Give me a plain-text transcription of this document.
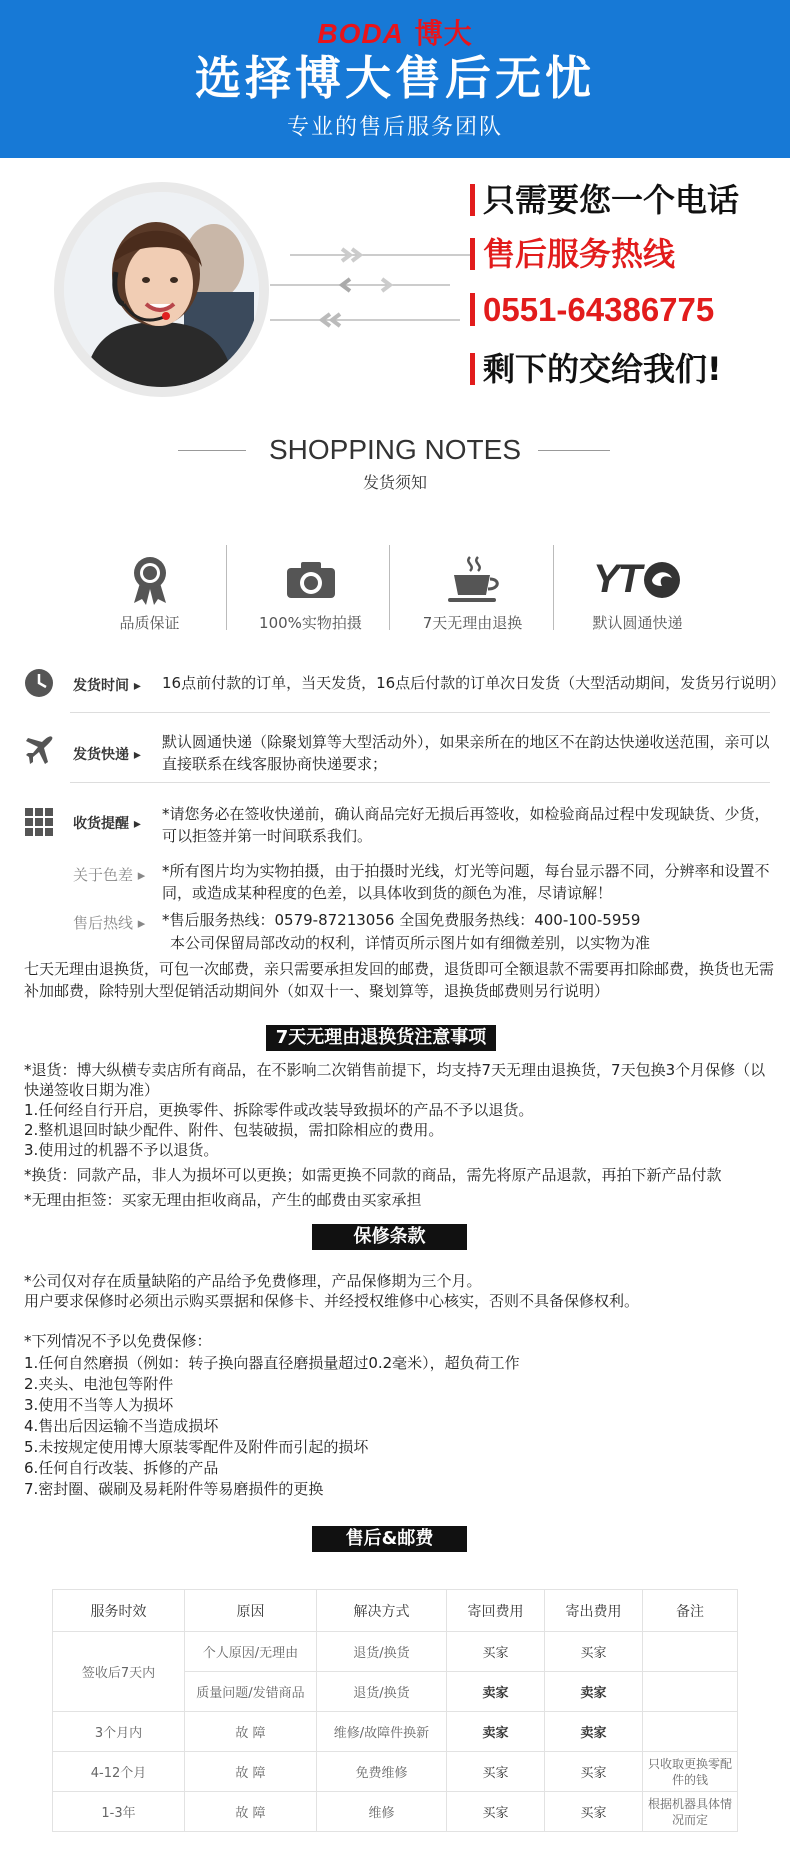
BODA 博大
选择博大售后无忧
专业的售后服务团队
只需要您一个电话
售后服务热线
0551-64386775
剩下的交给我们!
SHOPPING NOTES
发货须知
品质保证	100%实物拍摄	7天无理由退换
YT
默认圆通快递
发货时间 ▸ 16点前付款的订单，当天发货，16点后付款的订单次日发货（大型活动期间，发货另行说明）
发货快递 ▸
默认圆通快递（除聚划算等大型活动外），如果亲所在的地区不在韵达快递收送范围，亲可以直接联系在线客服协商快递要求；
收货提醒 ▸
*请您务必在签收快递前，确认商品完好无损后再签收，如检验商品过程中发现缺货、少货，可以拒签并第一时间联系我们。
关于色差 ▸ *所有图片均为实物拍摄，由于拍摄时光线，灯光等问题，每台显示器不同，分辨率和设置不同，或造成某种程度的色差，以具体收到货的颜色为准，尽请谅解！
售后热线 ▸ *售后服务热线：0579-87213056 全国免费服务热线：400-100-5959
本公司保留局部改动的权利，详情页所示图片如有细微差别，以实物为准
七天无理由退换货，可包一次邮费，亲只需要承担发回的邮费，退货即可全额退款不需要再扣除邮费，换货也无需补加邮费，除特别大型促销活动期间外（如双十一、聚划算等，退换货邮费则另行说明）
7天无理由退换货注意事项
*退货：博大纵横专卖店所有商品，在不影响二次销售前提下，均支持7天无理由退换货，7天包换3个月保修（以
快递签收日期为准）
1.任何经自行开启，更换零件、拆除零件或改装导致损坏的产品不予以退货。
2.整机退回时缺少配件、附件、包装破损，需扣除相应的费用。
3.使用过的机器不予以退货。
*换货：同款产品，非人为损坏可以更换；如需更换不同款的商品，需先将原产品退款，再拍下新产品付款
*无理由拒签：买家无理由拒收商品，产生的邮费由买家承担
保修条款
*公司仅对存在质量缺陷的产品给予免费修理，产品保修期为三个月。
用户要求保修时必须出示购买票据和保修卡、并经授权维修中心核实，否则不具备保修权利。
*下列情况不予以免费保修：
1.任何自然磨损（例如：转子换向器直径磨损量超过0.2毫米），超负荷工作
2.夹头、电池包等附件
3.使用不当等人为损坏
4.售出后因运输不当造成损坏
5.未按规定使用博大原装零配件及附件而引起的损坏
6.任何自行改装、拆修的产品
7.密封圈、碳刷及易耗附件等易磨损件的更换
售后&邮费
服务时效	原因	解决方式	寄回费用	寄出费用	备注
签收后7天内	个人原因/无理由	退货/换货	买家	买家	
	质量问题/发错商品	退货/换货	卖家	卖家	
3个月内	故 障	维修/故障件换新	卖家	卖家	
4-12个月	故 障	免费维修	买家	买家	只收取更换零配件的钱
1-3年	故 障	维修	买家	买家	根据机器具体情况而定
